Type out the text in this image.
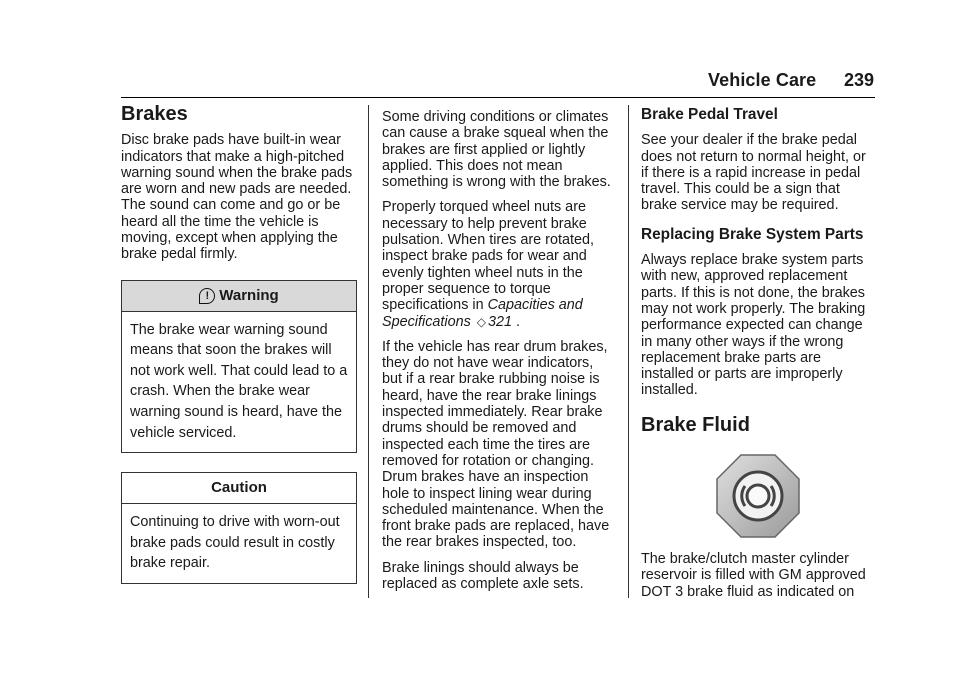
Vehicle Care 239
Brakes

Disc brake pads have built-in wear indicators that make a high-pitched warning sound when the brake pads are worn and new pads are needed. The sound can come and go or be heard all the time the vehicle is moving, except when applying the brake pedal firmly.

! Warning
The brake wear warning sound means that soon the brakes will not work well. That could lead to a crash. When the brake wear warning sound is heard, have the vehicle serviced.
Caution
Continuing to drive with worn-out brake pads could result in costly brake repair.

Some driving conditions or climates can cause a brake squeal when the brakes are first applied or lightly applied. This does not mean something is wrong with the brakes.

Properly torqued wheel nuts are necessary to help prevent brake pulsation. When tires are rotated, inspect brake pads for wear and evenly tighten wheel nuts in the proper sequence to torque specifications in Capacities and Specifications ◇ 321 .

If the vehicle has rear drum brakes, they do not have wear indicators, but if a rear brake rubbing noise is heard, have the rear brake linings inspected immediately. Rear brake drums should be removed and inspected each time the tires are removed for rotation or changing. Drum brakes have an inspection hole to inspect lining wear during scheduled maintenance. When the front brake pads are replaced, have the rear brakes inspected, too.

Brake linings should always be replaced as complete axle sets.

Brake Pedal Travel

See your dealer if the brake pedal does not return to normal height, or if there is a rapid increase in pedal travel. This could be a sign that brake service may be required.

Replacing Brake System Parts

Always replace brake system parts with new, approved replacement parts. If this is not done, the brakes may not work properly. The braking performance expected can change in many other ways if the wrong replacement brake parts are installed or parts are improperly installed.

Brake Fluid

The brake/clutch master cylinder reservoir is filled with GM approved DOT 3 brake fluid as indicated on
